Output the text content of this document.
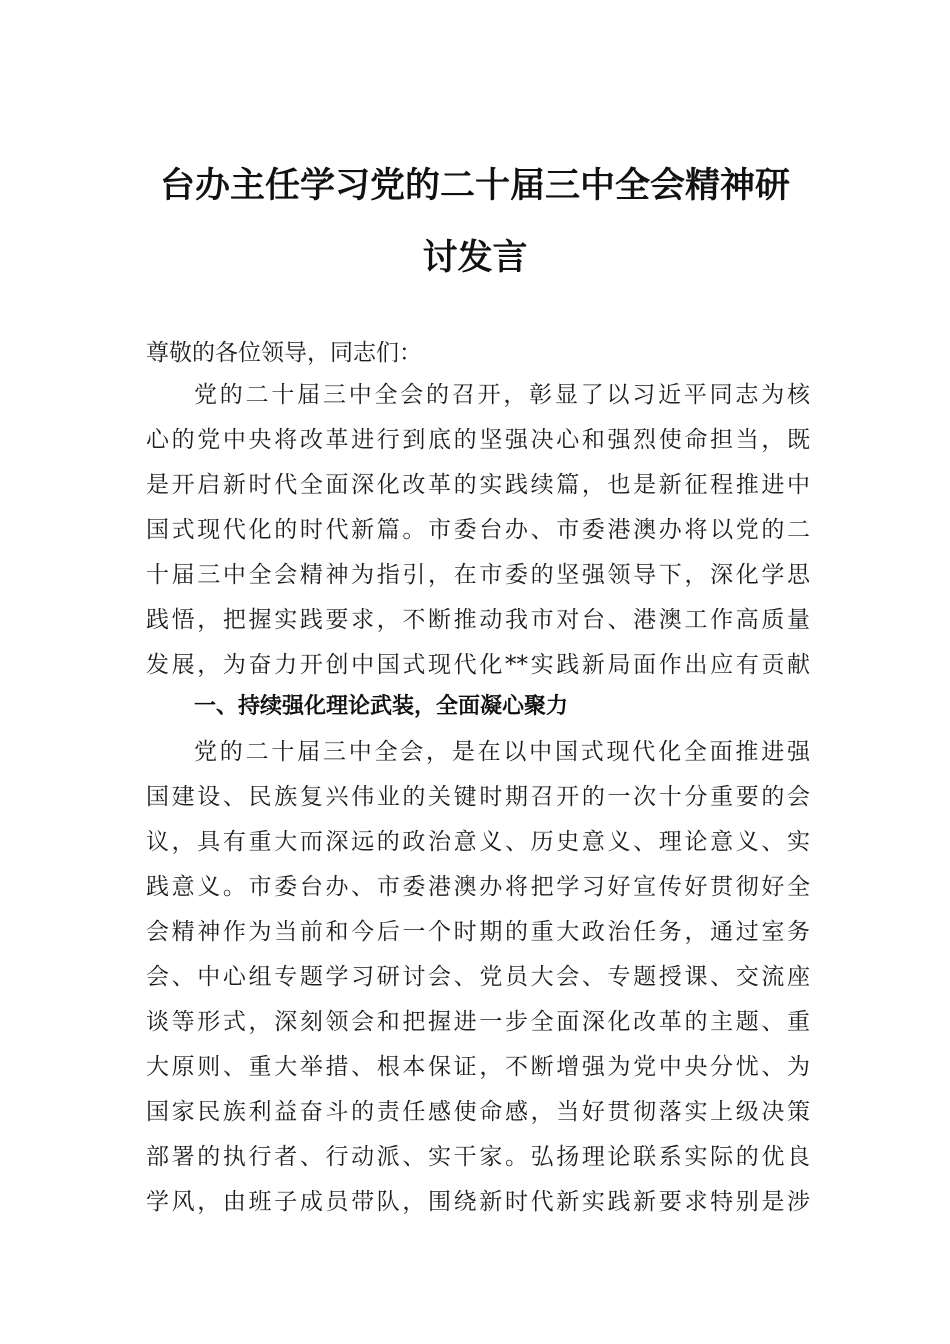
台办主任学习党的二十届三中全会精神研
讨发言
尊敬的各位领导，同志们：
党的二十届三中全会的召开，彰显了以习近平同志为核
心的党中央将改革进行到底的坚强决心和强烈使命担当，既
是开启新时代全面深化改革的实践续篇，也是新征程推进中
国式现代化的时代新篇。市委台办、市委港澳办将以党的二
十届三中全会精神为指引，在市委的坚强领导下，深化学思
践悟，把握实践要求，不断推动我市对台、港澳工作高质量
发展，为奋力开创中国式现代化**实践新局面作出应有贡献
一、持续强化理论武装，全面凝心聚力
党的二十届三中全会，是在以中国式现代化全面推进强
国建设、民族复兴伟业的关键时期召开的一次十分重要的会
议，具有重大而深远的政治意义、历史意义、理论意义、实
践意义。市委台办、市委港澳办将把学习好宣传好贯彻好全
会精神作为当前和今后一个时期的重大政治任务，通过室务
会、中心组专题学习研讨会、党员大会、专题授课、交流座
谈等形式，深刻领会和把握进一步全面深化改革的主题、重
大原则、重大举措、根本保证，不断增强为党中央分忧、为
国家民族利益奋斗的责任感使命感，当好贯彻落实上级决策
部署的执行者、行动派、实干家。弘扬理论联系实际的优良
学风，由班子成员带队，围绕新时代新实践新要求特别是涉
